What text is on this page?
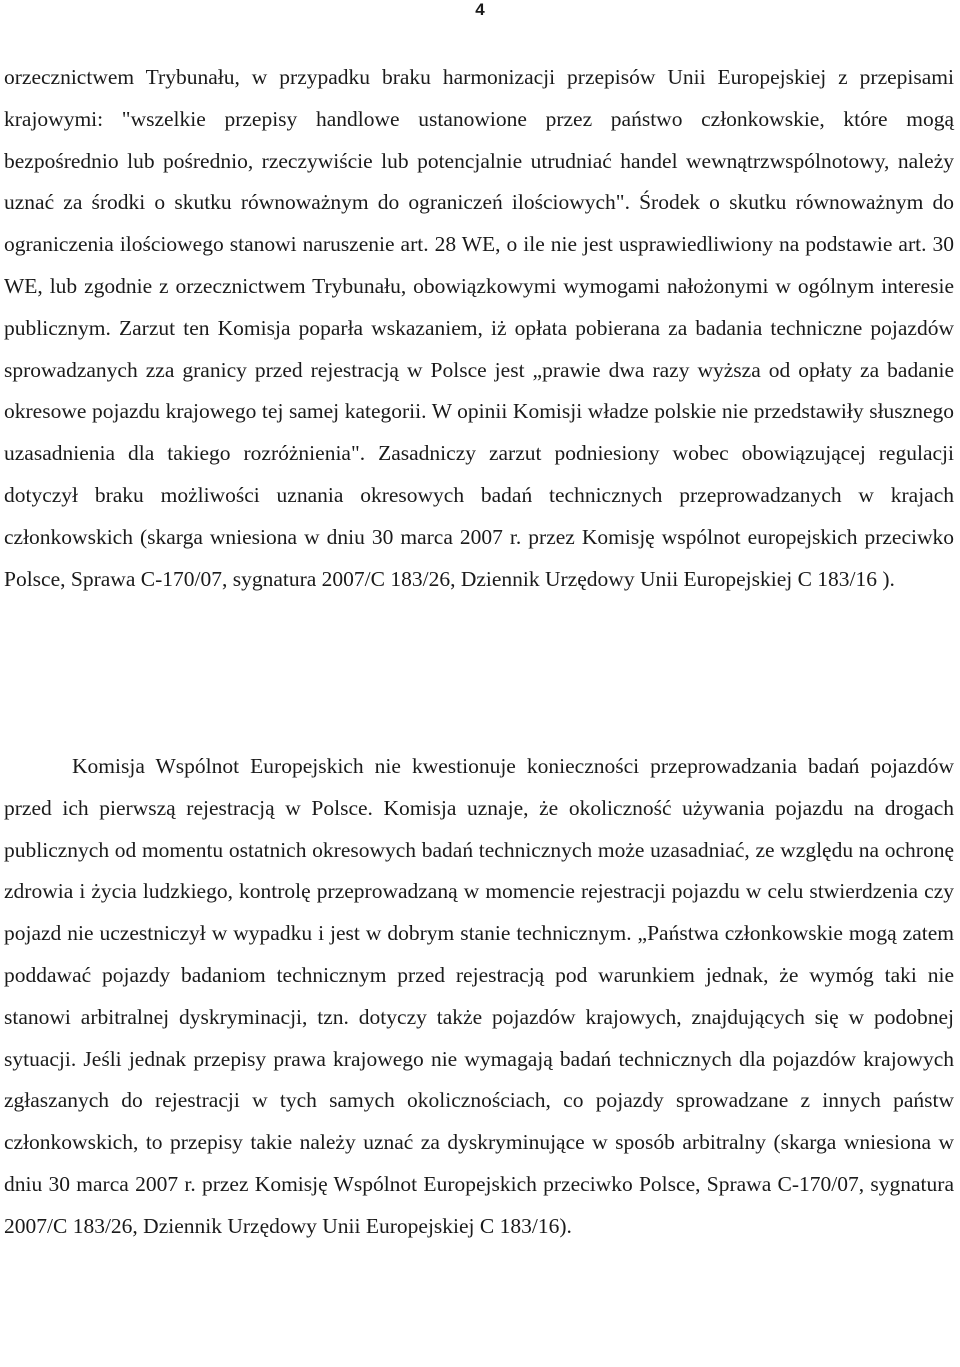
4

orzecznictwem Trybunału, w przypadku braku harmonizacji przepisów Unii Europejskiej z przepisami krajowymi: "wszelkie przepisy handlowe ustanowione przez państwo członkowskie, które mogą bezpośrednio lub pośrednio, rzeczywiście lub potencjalnie utrudniać handel wewnątrzwspólnotowy, należy uznać za środki o skutku równoważnym do ograniczeń ilościowych". Środek o skutku równoważnym do ograniczenia ilościowego stanowi naruszenie art. 28 WE, o ile nie jest usprawiedliwiony na podstawie art. 30 WE, lub zgodnie z orzecznictwem Trybunału, obowiązkowymi wymogami nałożonymi w ogólnym interesie publicznym. Zarzut ten Komisja poparła wskazaniem, iż opłata pobierana za badania techniczne pojazdów sprowadzanych zza granicy przed rejestracją w Polsce jest „prawie dwa razy wyższa od opłaty za badanie okresowe pojazdu krajowego tej samej kategorii. W opinii Komisji władze polskie nie przedstawiły słusznego uzasadnienia dla takiego rozróżnienia". Zasadniczy zarzut podniesiony wobec obowiązującej regulacji dotyczył braku możliwości uznania okresowych badań technicznych przeprowadzanych w krajach członkowskich (skarga wniesiona w dniu 30 marca 2007 r. przez Komisję wspólnot europejskich przeciwko Polsce, Sprawa C-170/07, sygnatura 2007/C 183/26, Dziennik Urzędowy Unii Europejskiej C 183/16 ).

Komisja Wspólnot Europejskich nie kwestionuje konieczności przeprowadzania badań pojazdów przed ich pierwszą rejestracją w Polsce. Komisja uznaje, że okoliczność używania pojazdu na drogach publicznych od momentu ostatnich okresowych badań technicznych może uzasadniać, ze względu na ochronę zdrowia i życia ludzkiego, kontrolę przeprowadzaną w momencie rejestracji pojazdu w celu stwierdzenia czy pojazd nie uczestniczył w wypadku i jest w dobrym stanie technicznym. „Państwa członkowskie mogą zatem poddawać pojazdy badaniom technicznym przed rejestracją pod warunkiem jednak, że wymóg taki nie stanowi arbitralnej dyskryminacji, tzn. dotyczy także pojazdów krajowych, znajdujących się w podobnej sytuacji. Jeśli jednak przepisy prawa krajowego nie wymagają badań technicznych dla pojazdów krajowych zgłaszanych do rejestracji w tych samych okolicznościach, co pojazdy sprowadzane z innych państw członkowskich, to przepisy takie należy uznać za dyskryminujące w sposób arbitralny (skarga wniesiona w dniu 30 marca 2007 r. przez Komisję Wspólnot Europejskich przeciwko Polsce, Sprawa C-170/07, sygnatura 2007/C 183/26, Dziennik Urzędowy Unii Europejskiej C 183/16).
